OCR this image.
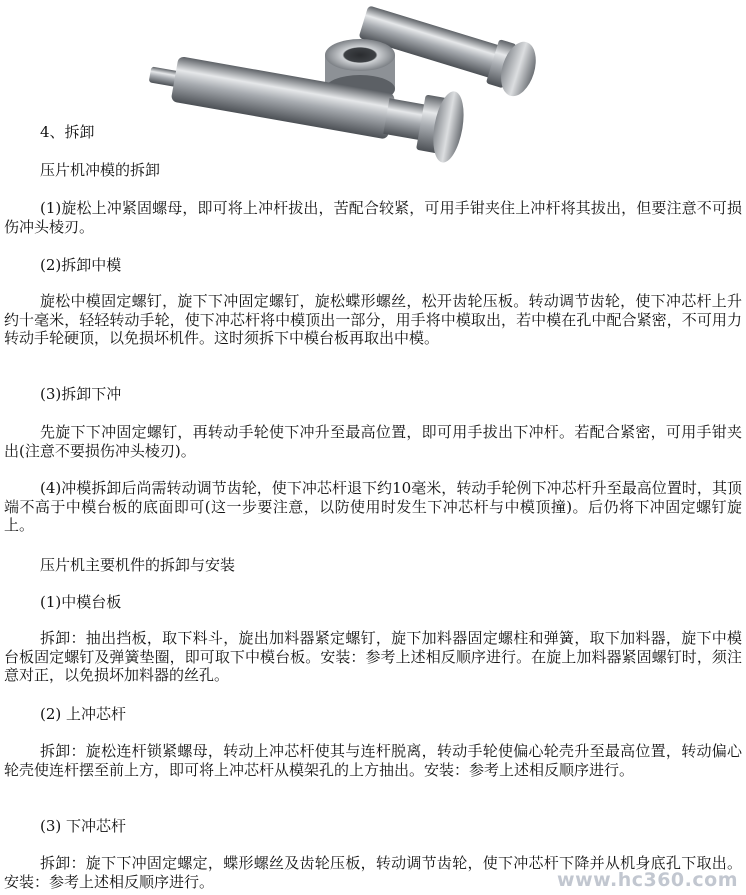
4、拆卸
压片机冲模的拆卸

(1)旋松上冲紧固螺母，即可将上冲杆拔出，苦配合较紧，可用手钳夹住上冲杆将其拔出，但要注意不可损伤冲头棱刃。

(2)拆卸中模

旋松中模固定螺钉，旋下下冲固定螺钉，旋松蝶形螺丝，松开齿轮压板。转动调节齿轮，使下冲芯杆上升约十毫米，轻轻转动手轮，使下冲芯杆将中模顶出一部分，用手将中模取出，若中模在孔中配合紧密，不可用力转动手轮硬顶，以免损坏机件。这时须拆下中模台板再取出中模。

(3)拆卸下冲

先旋下下冲固定螺钉，再转动手轮使下冲升至最高位置，即可用手拔出下冲杆。若配合紧密，可用手钳夹出(注意不要损伤冲头棱刃)。

(4)冲模拆卸后尚需转动调节齿轮，使下冲芯杆退下约10毫米，转动手轮例下冲芯杆升至最高位置时，其顶端不高于中模台板的底面即可(这一步要注意，以防使用时发生下冲芯杆与中模顶撞)。后仍将下冲固定螺钉旋上。

压片机主要机件的拆卸与安装
(1)中模台板

拆卸：抽出挡板，取下料斗，旋出加料器紧定螺钉，旋下加料器固定螺柱和弹簧，取下加料器，旋下中模台板固定螺钉及弹簧垫圈，即可取下中模台板。安装：参考上述相反顺序进行。在旋上加料器紧固螺钉时，须注意对正，以免损坏加料器的丝孔。

(2) 上冲芯杆

拆卸：旋松连杆锁紧螺母，转动上冲芯杆使其与连杆脱离，转动手轮使偏心轮壳升至最高位置，转动偏心轮壳使连杆摆至前上方，即可将上冲芯杆从模架孔的上方抽出。安装：参考上述相反顺序进行。

(3) 下冲芯杆

拆卸：旋下下冲固定螺定，蝶形螺丝及齿轮压板，转动调节齿轮，使下冲芯杆下降并从机身底孔下取出。安装：参考上述相反顺序进行。	www.hc360.com
